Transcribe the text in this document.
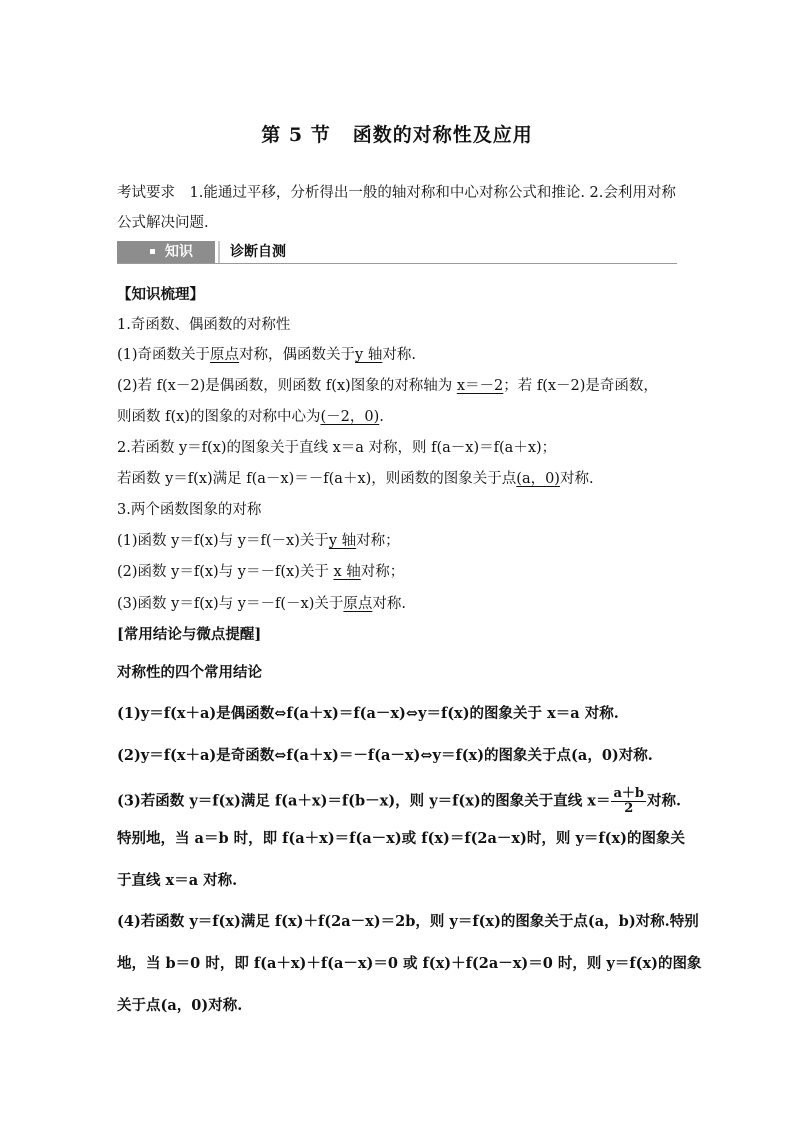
第 5 节 函数的对称性及应用
考试要求　1.能通过平移，分析得出一般的轴对称和中心对称公式和推论. 2.会利用对称公式解决问题.
知识	诊断自测
【知识梳理】
1.奇函数、偶函数的对称性
(1)奇函数关于原点对称，偶函数关于y 轴对称.
(2)若 f(x－2)是偶函数，则函数 f(x)图象的对称轴为 x＝－2；若 f(x－2)是奇函数，
则函数 f(x)的图象的对称中心为(－2，0).
2.若函数 y＝f(x)的图象关于直线 x＝a 对称，则 f(a－x)＝f(a＋x)；
若函数 y＝f(x)满足 f(a－x)＝－f(a＋x)，则函数的图象关于点(a，0)对称.
3.两个函数图象的对称
(1)函数 y＝f(x)与 y＝f(－x)关于y 轴对称；
(2)函数 y＝f(x)与 y＝－f(x)关于 x 轴对称；
(3)函数 y＝f(x)与 y＝－f(－x)关于原点对称.
[常用结论与微点提醒]
对称性的四个常用结论
(1)y＝f(x＋a)是偶函数⇔f(a＋x)＝f(a－x)⇔y＝f(x)的图象关于 x＝a 对称.
(2)y＝f(x＋a)是奇函数⇔f(a＋x)＝－f(a－x)⇔y＝f(x)的图象关于点(a，0)对称.
(3)若函数 y＝f(x)满足 f(a＋x)＝f(b－x)，则 y＝f(x)的图象关于直线 $x= \frac{a+b}{2}$ 对称.
特别地，当 a＝b 时，即 f(a＋x)＝f(a－x)或 f(x)＝f(2a－x)时，则 y＝f(x)的图象关
于直线 x＝a 对称.
(4)若函数 y＝f(x)满足 f(x)＋f(2a－x)＝2b，则 y＝f(x)的图象关于点(a，b)对称.特别
地，当 b＝0 时，即 f(a＋x)＋f(a－x)＝0 或 f(x)＋f(2a－x)＝0 时，则 y＝f(x)的图象
关于点(a，0)对称.
